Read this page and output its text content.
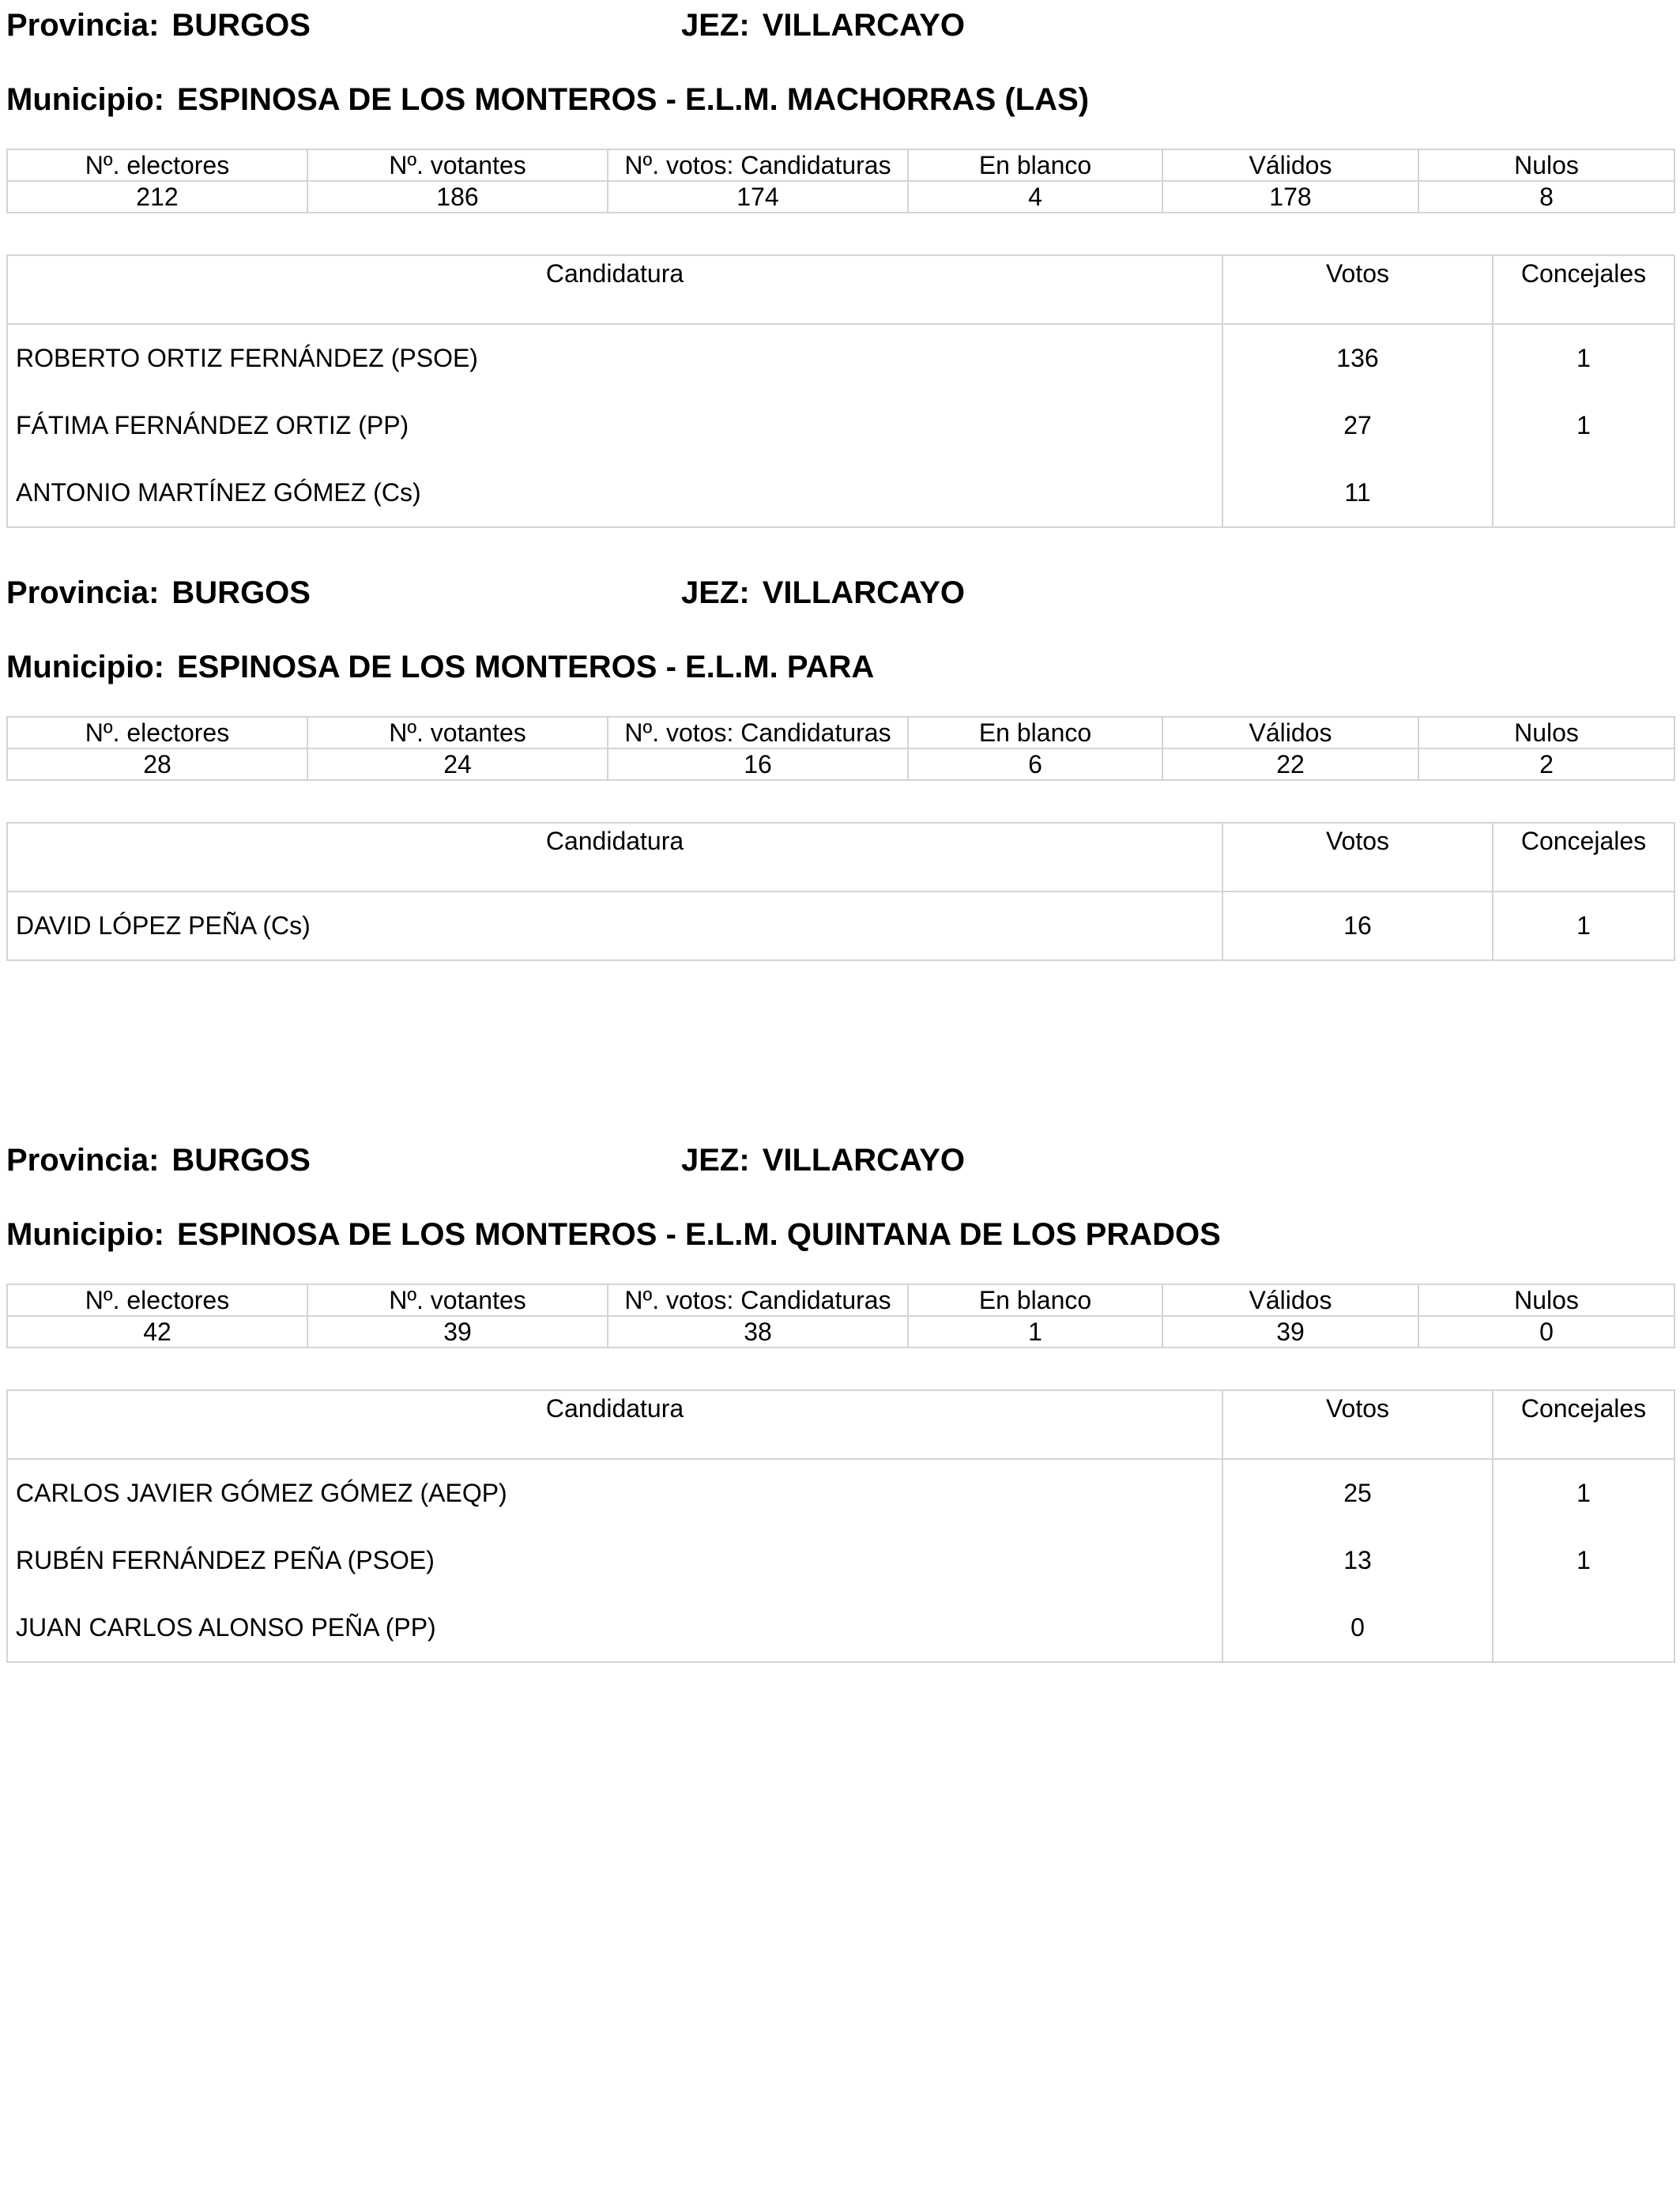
Provincia: BURGOS	JEZ: VILLARCAYO
Municipio: ESPINOSA DE LOS MONTEROS - E.L.M. MACHORRAS (LAS)
Nº. electores	Nº. votantes	Nº. votos: Candidaturas	En blanco	Válidos	Nulos
212	186	174	4	178	8
Candidatura	Votos	Concejales
ROBERTO ORTIZ FERNÁNDEZ (PSOE)	136	1
FÁTIMA FERNÁNDEZ ORTIZ (PP)	27	1
ANTONIO MARTÍNEZ GÓMEZ (Cs)	11	
Provincia: BURGOS	JEZ: VILLARCAYO
Municipio: ESPINOSA DE LOS MONTEROS - E.L.M. PARA
Nº. electores	Nº. votantes	Nº. votos: Candidaturas	En blanco	Válidos	Nulos
28	24	16	6	22	2
Candidatura	Votos	Concejales
DAVID LÓPEZ PEÑA (Cs)	16	1
Provincia: BURGOS	JEZ: VILLARCAYO
Municipio: ESPINOSA DE LOS MONTEROS - E.L.M. QUINTANA DE LOS PRADOS
Nº. electores	Nº. votantes	Nº. votos: Candidaturas	En blanco	Válidos	Nulos
42	39	38	1	39	0
Candidatura	Votos	Concejales
CARLOS JAVIER GÓMEZ GÓMEZ (AEQP)	25	1
RUBÉN FERNÁNDEZ PEÑA (PSOE)	13	1
JUAN CARLOS ALONSO PEÑA (PP)	0	
